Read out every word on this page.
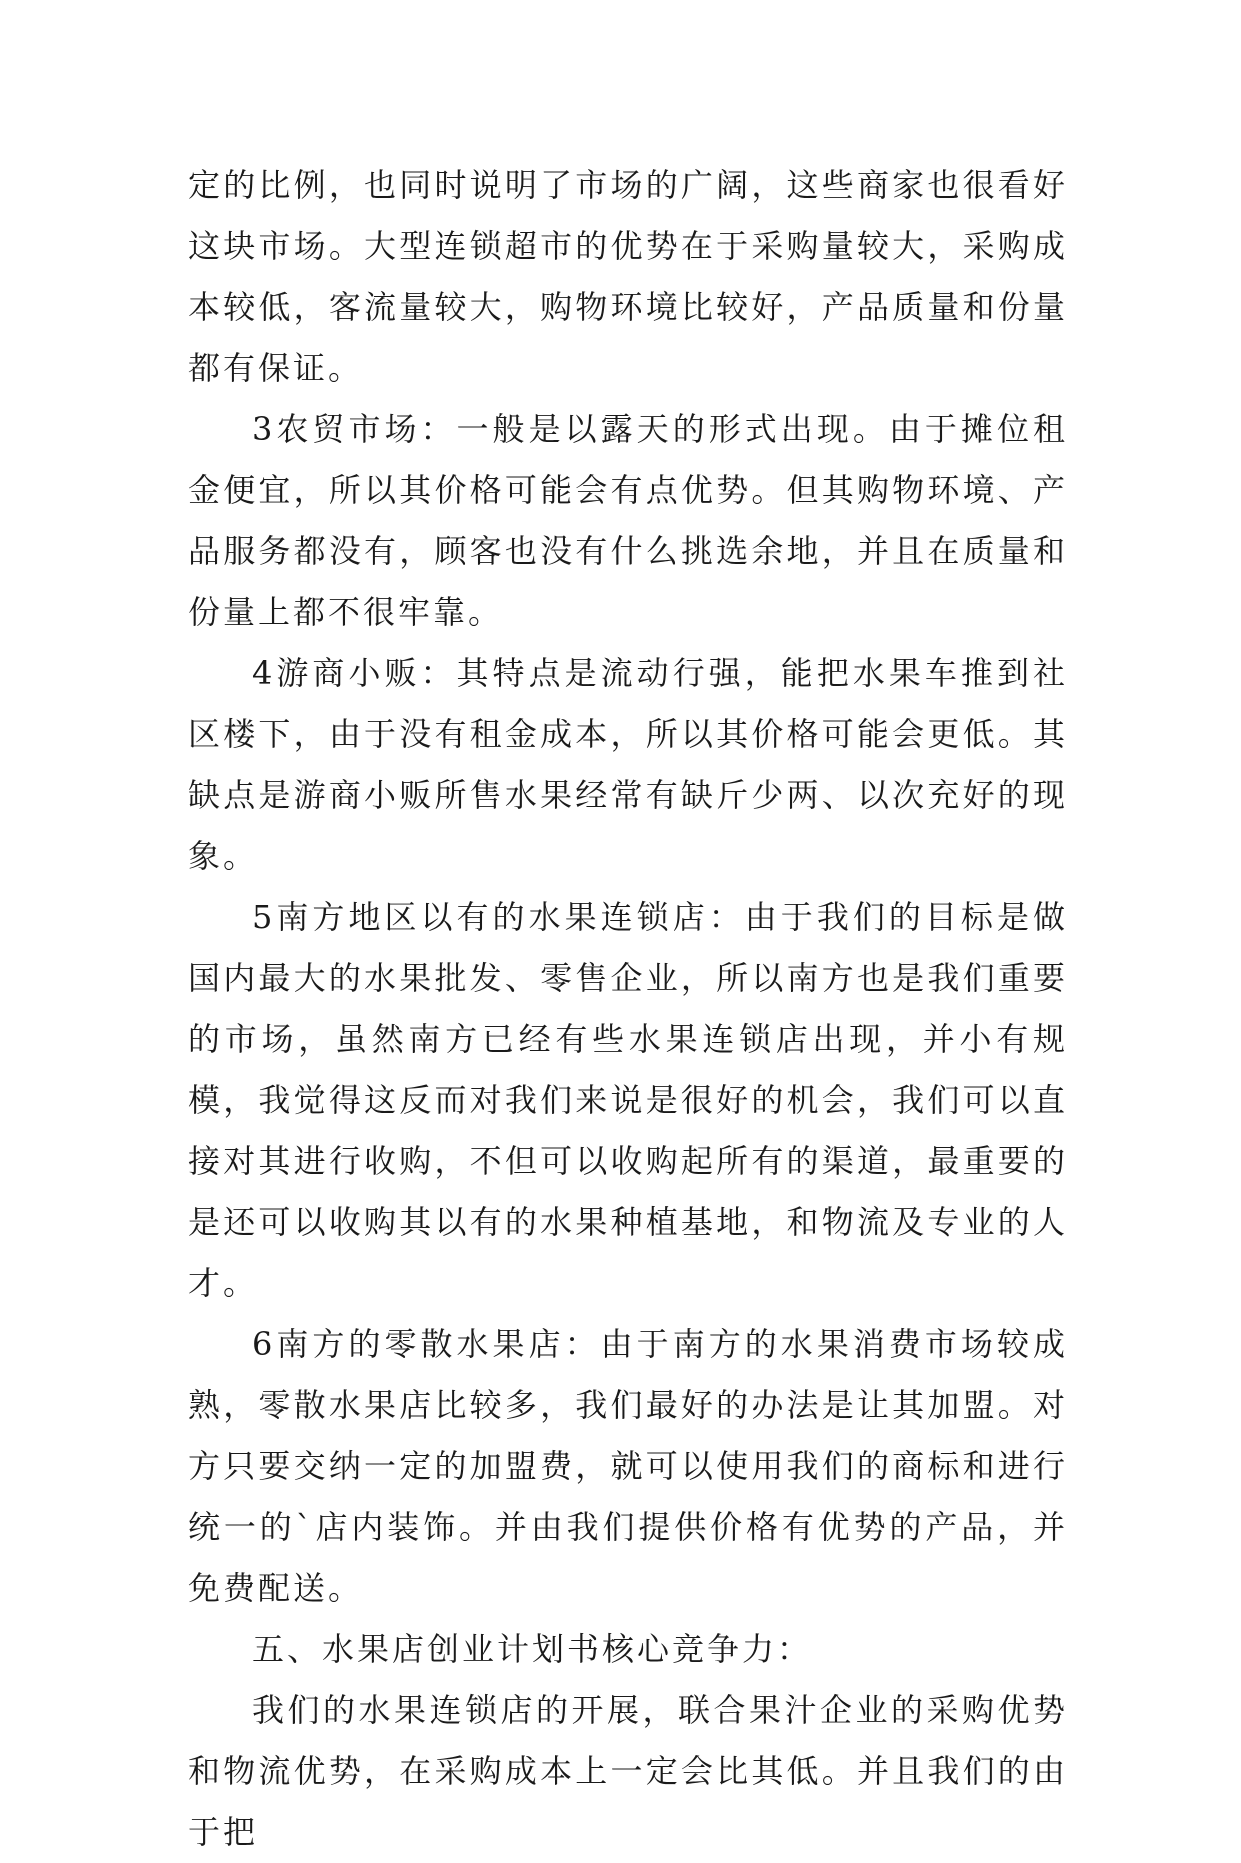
定的比例，也同时说明了市场的广阔，这些商家也很看好这块市场。大型连锁超市的优势在于采购量较大，采购成本较低，客流量较大，购物环境比较好，产品质量和份量都有保证。

3农贸市场：一般是以露天的形式出现。由于摊位租金便宜，所以其价格可能会有点优势。但其购物环境、产品服务都没有，顾客也没有什么挑选余地，并且在质量和份量上都不很牢靠。

4游商小贩：其特点是流动行强，能把水果车推到社区楼下，由于没有租金成本，所以其价格可能会更低。其缺点是游商小贩所售水果经常有缺斤少两、以次充好的现象。

5南方地区以有的水果连锁店：由于我们的目标是做国内最大的水果批发、零售企业，所以南方也是我们重要的市场，虽然南方已经有些水果连锁店出现，并小有规模，我觉得这反而对我们来说是很好的机会，我们可以直接对其进行收购，不但可以收购起所有的渠道，最重要的是还可以收购其以有的水果种植基地，和物流及专业的人才。

6南方的零散水果店：由于南方的水果消费市场较成熟，零散水果店比较多，我们最好的办法是让其加盟。对方只要交纳一定的加盟费，就可以使用我们的商标和进行统一的`店内装饰。并由我们提供价格有优势的产品，并免费配送。

五、水果店创业计划书核心竞争力：

我们的水果连锁店的开展，联合果汁企业的采购优势和物流优势，在采购成本上一定会比其低。并且我们的由于把
